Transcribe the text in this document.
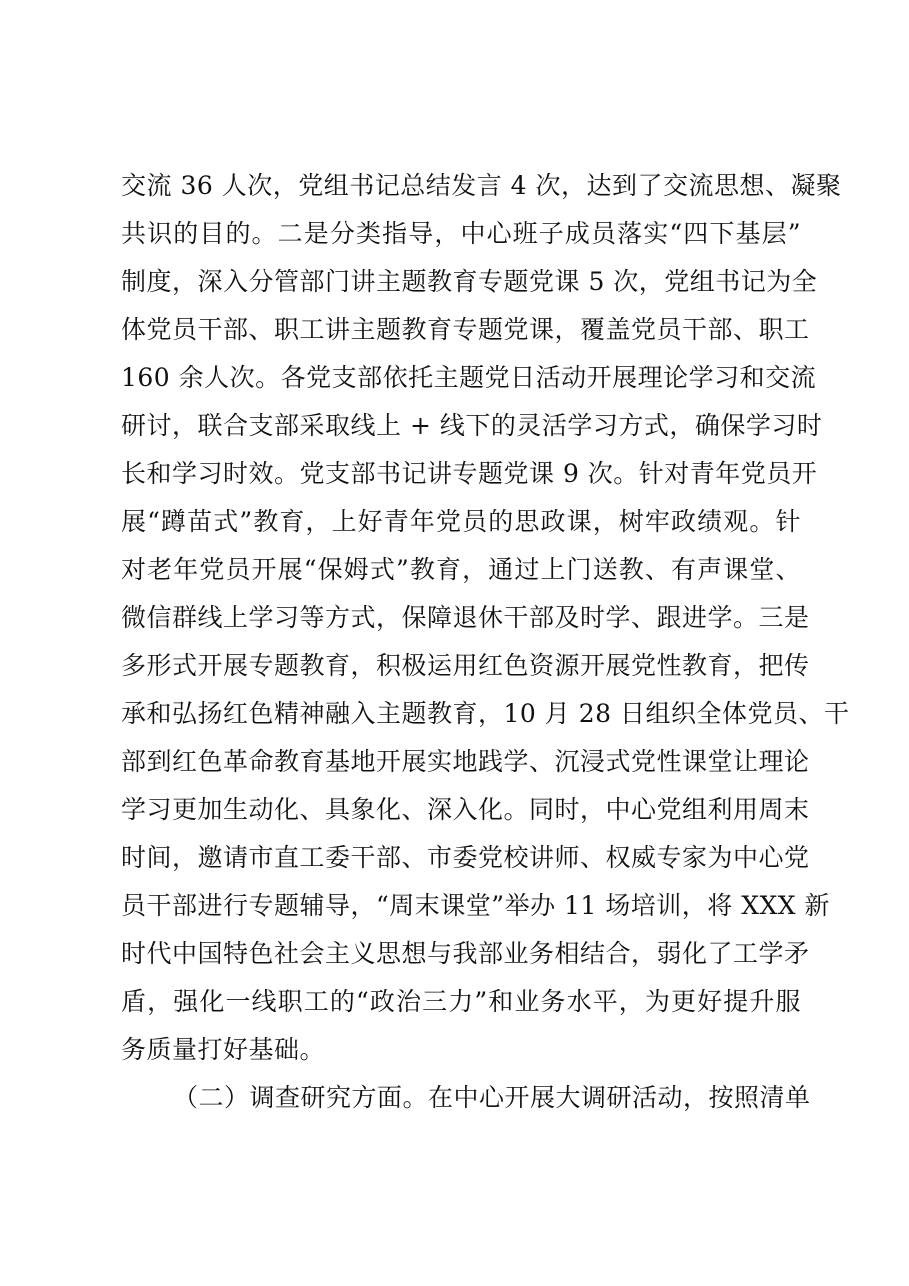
交流 36 人次，党组书记总结发言 4 次，达到了交流思想、凝聚
共识的目的。二是分类指导，中心班子成员落实“四下基层”
制度，深入分管部门讲主题教育专题党课 5 次，党组书记为全
体党员干部、职工讲主题教育专题党课，覆盖党员干部、职工
160 余人次。各党支部依托主题党日活动开展理论学习和交流
研讨，联合支部采取线上 + 线下的灵活学习方式，确保学习时
长和学习时效。党支部书记讲专题党课 9 次。针对青年党员开
展“蹲苗式”教育，上好青年党员的思政课，树牢政绩观。针
对老年党员开展“保姆式”教育，通过上门送教、有声课堂、
微信群线上学习等方式，保障退休干部及时学、跟进学。三是
多形式开展专题教育，积极运用红色资源开展党性教育，把传
承和弘扬红色精神融入主题教育，10 月 28 日组织全体党员、干
部到红色革命教育基地开展实地践学、沉浸式党性课堂让理论
学习更加生动化、具象化、深入化。同时，中心党组利用周末
时间，邀请市直工委干部、市委党校讲师、权威专家为中心党
员干部进行专题辅导，“周末课堂”举办 11 场培训，将 XXX 新
时代中国特色社会主义思想与我部业务相结合，弱化了工学矛
盾，强化一线职工的“政治三力”和业务水平，为更好提升服
务质量打好基础。
（二）调查研究方面。在中心开展大调研活动，按照清单
